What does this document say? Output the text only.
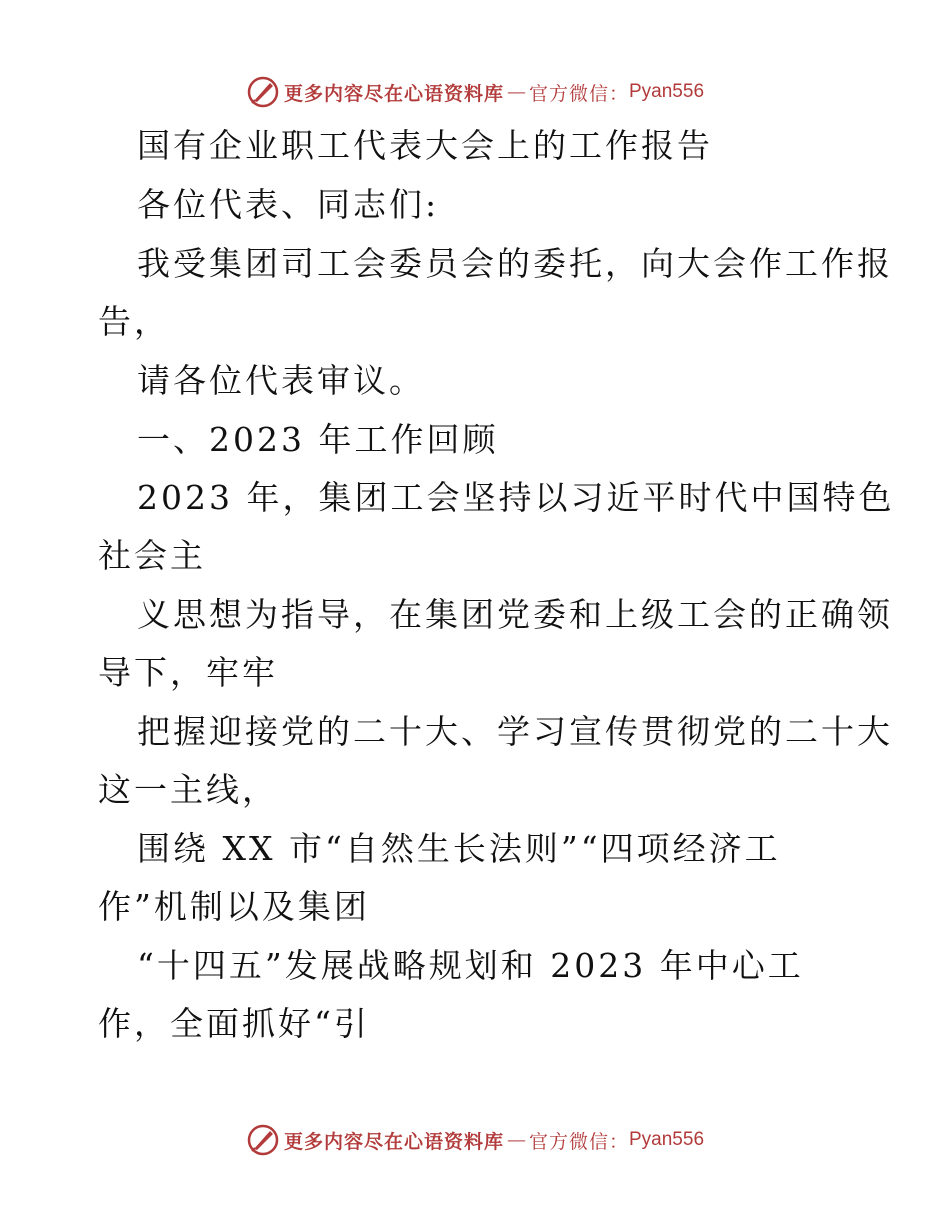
更多内容尽在心语资料库 — 官方微信： Pyan556
国有企业职工代表大会上的工作报告
各位代表、同志们:
我受集团司工会委员会的委托，向大会作工作报
告，
请各位代表审议。
一、2023 年工作回顾
2023 年，集团工会坚持以习近平时代中国特色
社会主
义思想为指导，在集团党委和上级工会的正确领
导下，牢牢
把握迎接党的二十大、学习宣传贯彻党的二十大
这一主线，
围绕 XX 市“自然生长法则”“四项经济工
作”机制以及集团
“十四五”发展战略规划和 2023 年中心工
作，全面抓好“引
更多内容尽在心语资料库 — 官方微信： Pyan556
